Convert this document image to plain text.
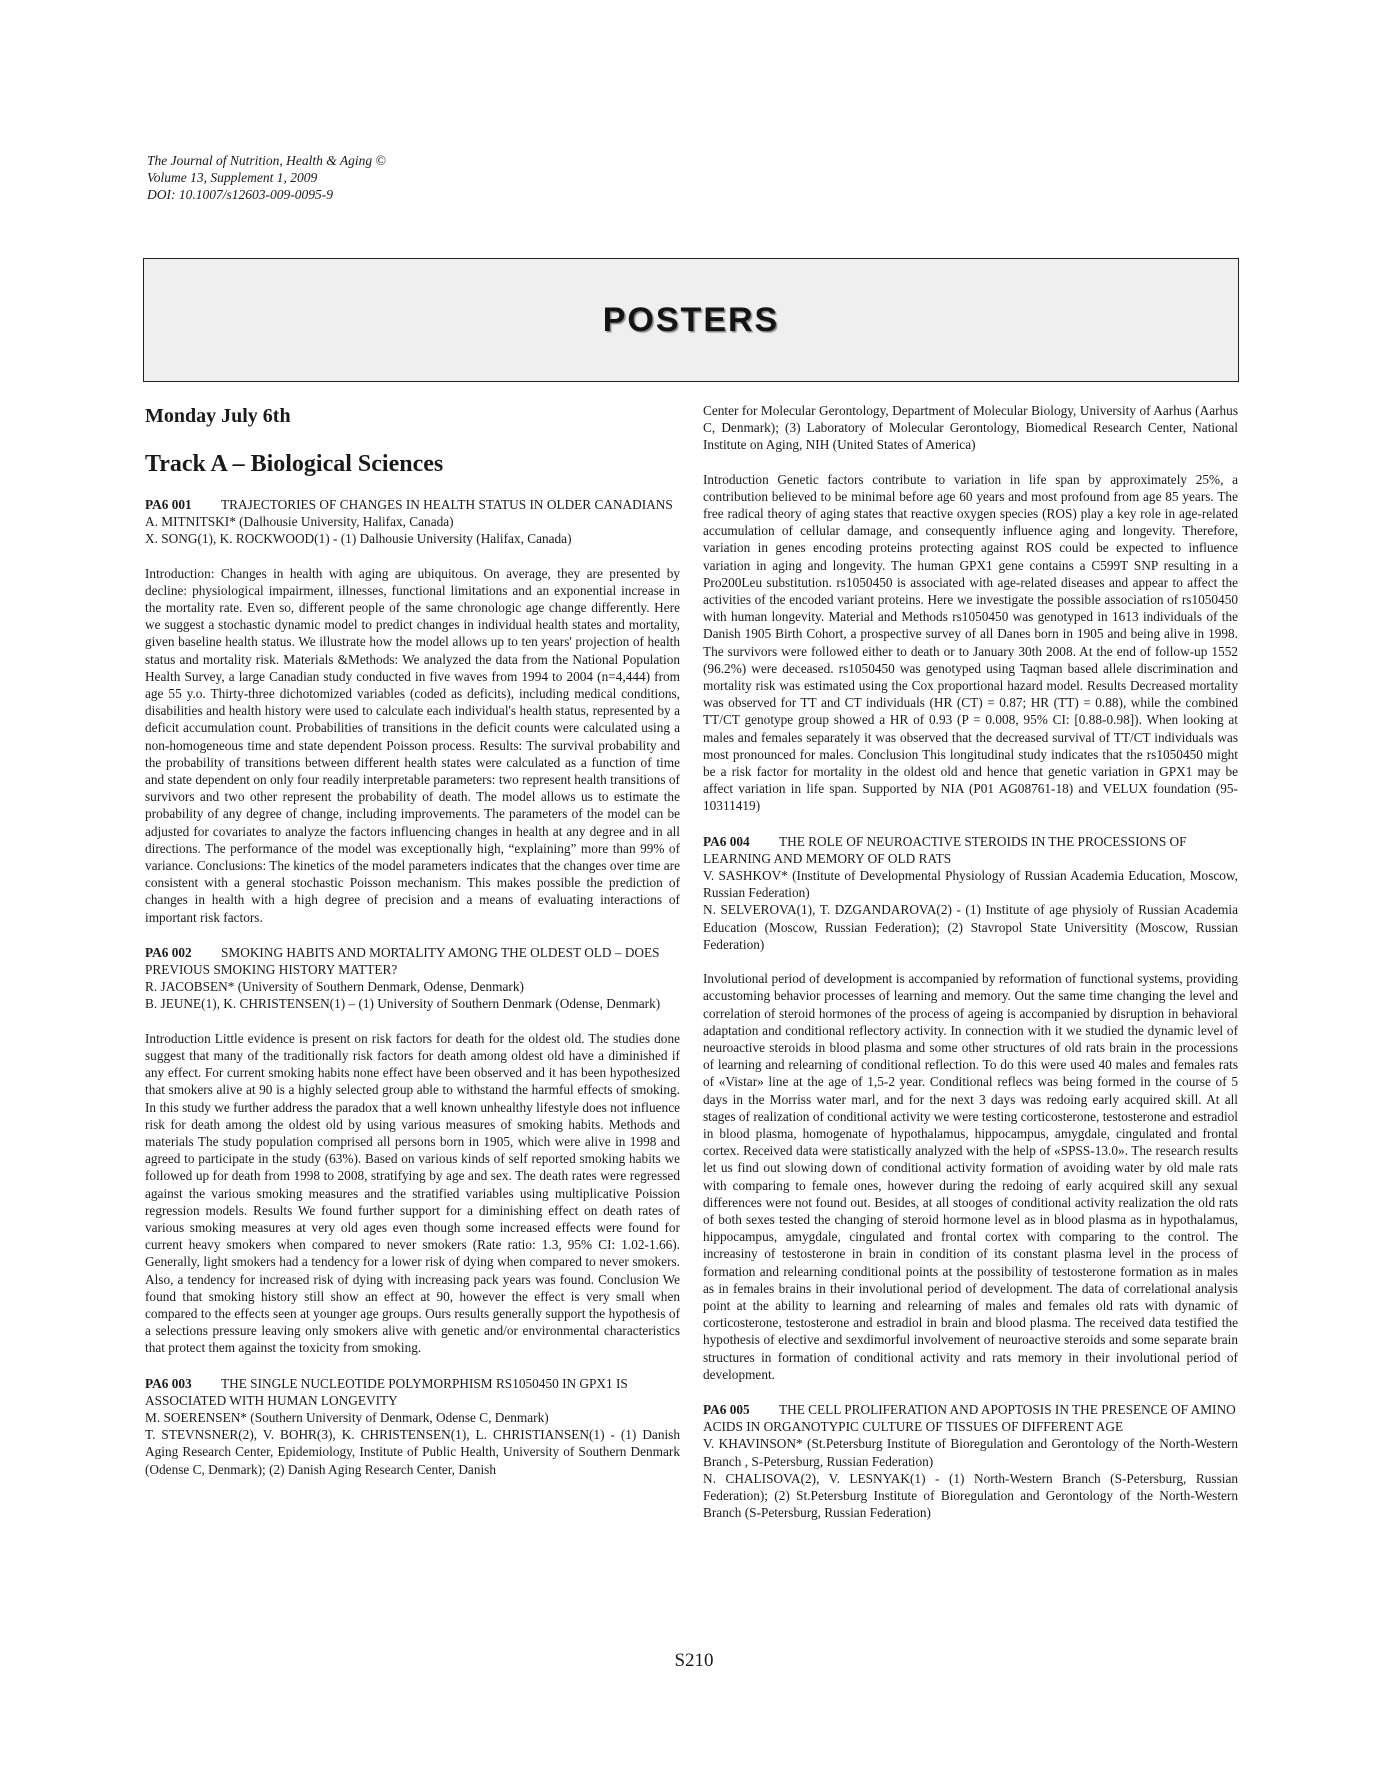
The Journal of Nutrition, Health & Aging ©
Volume 13, Supplement 1, 2009
DOI: 10.1007/s12603-009-0095-9
POSTERS
Monday July 6th
Track A – Biological Sciences
PA6 001 TRAJECTORIES OF CHANGES IN HEALTH STATUS IN OLDER CANADIANS
A. MITNITSKI* (Dalhousie University, Halifax, Canada)
X. SONG(1), K. ROCKWOOD(1) - (1) Dalhousie University (Halifax, Canada)
Introduction: Changes in health with aging are ubiquitous. On average, they are presented by decline: physiological impairment, illnesses, functional limitations and an exponential increase in the mortality rate. Even so, different people of the same chronologic age change differently. Here we suggest a stochastic dynamic model to predict changes in individual health states and mortality, given baseline health status. We illustrate how the model allows up to ten years' projection of health status and mortality risk. Materials &Methods: We analyzed the data from the National Population Health Survey, a large Canadian study conducted in five waves from 1994 to 2004 (n=4,444) from age 55 y.o. Thirty-three dichotomized variables (coded as deficits), including medical conditions, disabilities and health history were used to calculate each individual's health status, represented by a deficit accumulation count. Probabilities of transitions in the deficit counts were calculated using a non-homogeneous time and state dependent Poisson process. Results: The survival probability and the probability of transitions between different health states were calculated as a function of time and state dependent on only four readily interpretable parameters: two represent health transitions of survivors and two other represent the probability of death. The model allows us to estimate the probability of any degree of change, including improvements. The parameters of the model can be adjusted for covariates to analyze the factors influencing changes in health at any degree and in all directions. The performance of the model was exceptionally high, “explaining” more than 99% of variance. Conclusions: The kinetics of the model parameters indicates that the changes over time are consistent with a general stochastic Poisson mechanism. This makes possible the prediction of changes in health with a high degree of precision and a means of evaluating interactions of important risk factors.
PA6 002 SMOKING HABITS AND MORTALITY AMONG THE OLDEST OLD – DOES PREVIOUS SMOKING HISTORY MATTER?
R. JACOBSEN* (University of Southern Denmark, Odense, Denmark)
B. JEUNE(1), K. CHRISTENSEN(1) – (1) University of Southern Denmark (Odense, Denmark)
Introduction Little evidence is present on risk factors for death for the oldest old. The studies done suggest that many of the traditionally risk factors for death among oldest old have a diminished if any effect. For current smoking habits none effect have been observed and it has been hypothesized that smokers alive at 90 is a highly selected group able to withstand the harmful effects of smoking. In this study we further address the paradox that a well known unhealthy lifestyle does not influence risk for death among the oldest old by using various measures of smoking habits. Methods and materials The study population comprised all persons born in 1905, which were alive in 1998 and agreed to participate in the study (63%). Based on various kinds of self reported smoking habits we followed up for death from 1998 to 2008, stratifying by age and sex. The death rates were regressed against the various smoking measures and the stratified variables using multiplicative Poission regression models. Results We found further support for a diminishing effect on death rates of various smoking measures at very old ages even though some increased effects were found for current heavy smokers when compared to never smokers (Rate ratio: 1.3, 95% CI: 1.02-1.66). Generally, light smokers had a tendency for a lower risk of dying when compared to never smokers. Also, a tendency for increased risk of dying with increasing pack years was found. Conclusion We found that smoking history still show an effect at 90, however the effect is very small when compared to the effects seen at younger age groups. Ours results generally support the hypothesis of a selections pressure leaving only smokers alive with genetic and/or environmental characteristics that protect them against the toxicity from smoking.
PA6 003 THE SINGLE NUCLEOTIDE POLYMORPHISM RS1050450 IN GPX1 IS ASSOCIATED WITH HUMAN LONGEVITY
M. SOERENSEN* (Southern University of Denmark, Odense C, Denmark)
T. STEVNSNER(2), V. BOHR(3), K. CHRISTENSEN(1), L. CHRISTIANSEN(1) - (1) Danish Aging Research Center, Epidemiology, Institute of Public Health, University of Southern Denmark (Odense C, Denmark); (2) Danish Aging Research Center, Danish
Center for Molecular Gerontology, Department of Molecular Biology, University of Aarhus (Aarhus C, Denmark); (3) Laboratory of Molecular Gerontology, Biomedical Research Center, National Institute on Aging, NIH (United States of America)
Introduction Genetic factors contribute to variation in life span by approximately 25%, a contribution believed to be minimal before age 60 years and most profound from age 85 years. The free radical theory of aging states that reactive oxygen species (ROS) play a key role in age-related accumulation of cellular damage, and consequently influence aging and longevity. Therefore, variation in genes encoding proteins protecting against ROS could be expected to influence variation in aging and longevity. The human GPX1 gene contains a C599T SNP resulting in a Pro200Leu substitution. rs1050450 is associated with age-related diseases and appear to affect the activities of the encoded variant proteins. Here we investigate the possible association of rs1050450 with human longevity. Material and Methods rs1050450 was genotyped in 1613 individuals of the Danish 1905 Birth Cohort, a prospective survey of all Danes born in 1905 and being alive in 1998. The survivors were followed either to death or to January 30th 2008. At the end of follow-up 1552 (96.2%) were deceased. rs1050450 was genotyped using Taqman based allele discrimination and mortality risk was estimated using the Cox proportional hazard model. Results Decreased mortality was observed for TT and CT individuals (HR (CT) = 0.87; HR (TT) = 0.88), while the combined TT/CT genotype group showed a HR of 0.93 (P = 0.008, 95% CI: [0.88-0.98]). When looking at males and females separately it was observed that the decreased survival of TT/CT individuals was most pronounced for males. Conclusion This longitudinal study indicates that the rs1050450 might be a risk factor for mortality in the oldest old and hence that genetic variation in GPX1 may be affect variation in life span. Supported by NIA (P01 AG08761-18) and VELUX foundation (95-10311419)
PA6 004 THE ROLE OF NEUROACTIVE STEROIDS IN THE PROCESSIONS OF LEARNING AND MEMORY OF OLD RATS
V. SASHKOV* (Institute of Developmental Physiology of Russian Academia Education, Moscow, Russian Federation)
N. SELVEROVA(1), T. DZGANDAROVA(2) - (1) Institute of age physioly of Russian Academia Education (Moscow, Russian Federation); (2) Stavropol State Universitity (Moscow, Russian Federation)
Involutional period of development is accompanied by reformation of functional systems, providing accustoming behavior processes of learning and memory. Out the same time changing the level and correlation of steroid hormones of the process of ageing is accompanied by disruption in behavioral adaptation and conditional reflectory activity. In connection with it we studied the dynamic level of neuroactive steroids in blood plasma and some other structures of old rats brain in the processions of learning and relearning of conditional reflection. To do this were used 40 males and females rats of «Vistar» line at the age of 1,5-2 year. Conditional reflecs was being formed in the course of 5 days in the Morriss water marl, and for the next 3 days was redoing early acquired skill. At all stages of realization of conditional activity we were testing corticosterone, testosterone and estradiol in blood plasma, homogenate of hypothalamus, hippocampus, amygdale, cingulated and frontal cortex. Received data were statistically analyzed with the help of «SPSS-13.0». The research results let us find out slowing down of conditional activity formation of avoiding water by old male rats with comparing to female ones, however during the redoing of early acquired skill any sexual differences were not found out. Besides, at all stooges of conditional activity realization the old rats of both sexes tested the changing of steroid hormone level as in blood plasma as in hypothalamus, hippocampus, amygdale, cingulated and frontal cortex with comparing to the control. The increasiny of testosterone in brain in condition of its constant plasma level in the process of formation and relearning conditional points at the possibility of testosterone formation as in males as in females brains in their involutional period of development. The data of correlational analysis point at the ability to learning and relearning of males and females old rats with dynamic of corticosterone, testosterone and estradiol in brain and blood plasma. The received data testified the hypothesis of elective and sexdimorful involvement of neuroactive steroids and some separate brain structures in formation of conditional activity and rats memory in their involutional period of development.
PA6 005 THE CELL PROLIFERATION AND APOPTOSIS IN THE PRESENCE OF AMINO ACIDS IN ORGANOTYPIC CULTURE OF TISSUES OF DIFFERENT AGE
V. KHAVINSON* (St.Petersburg Institute of Bioregulation and Gerontology of the North-Western Branch , S-Petersburg, Russian Federation)
N. CHALISOVA(2), V. LESNYAK(1) - (1) North-Western Branch (S-Petersburg, Russian Federation); (2) St.Petersburg Institute of Bioregulation and Gerontology of the North-Western Branch (S-Petersburg, Russian Federation)
S210
